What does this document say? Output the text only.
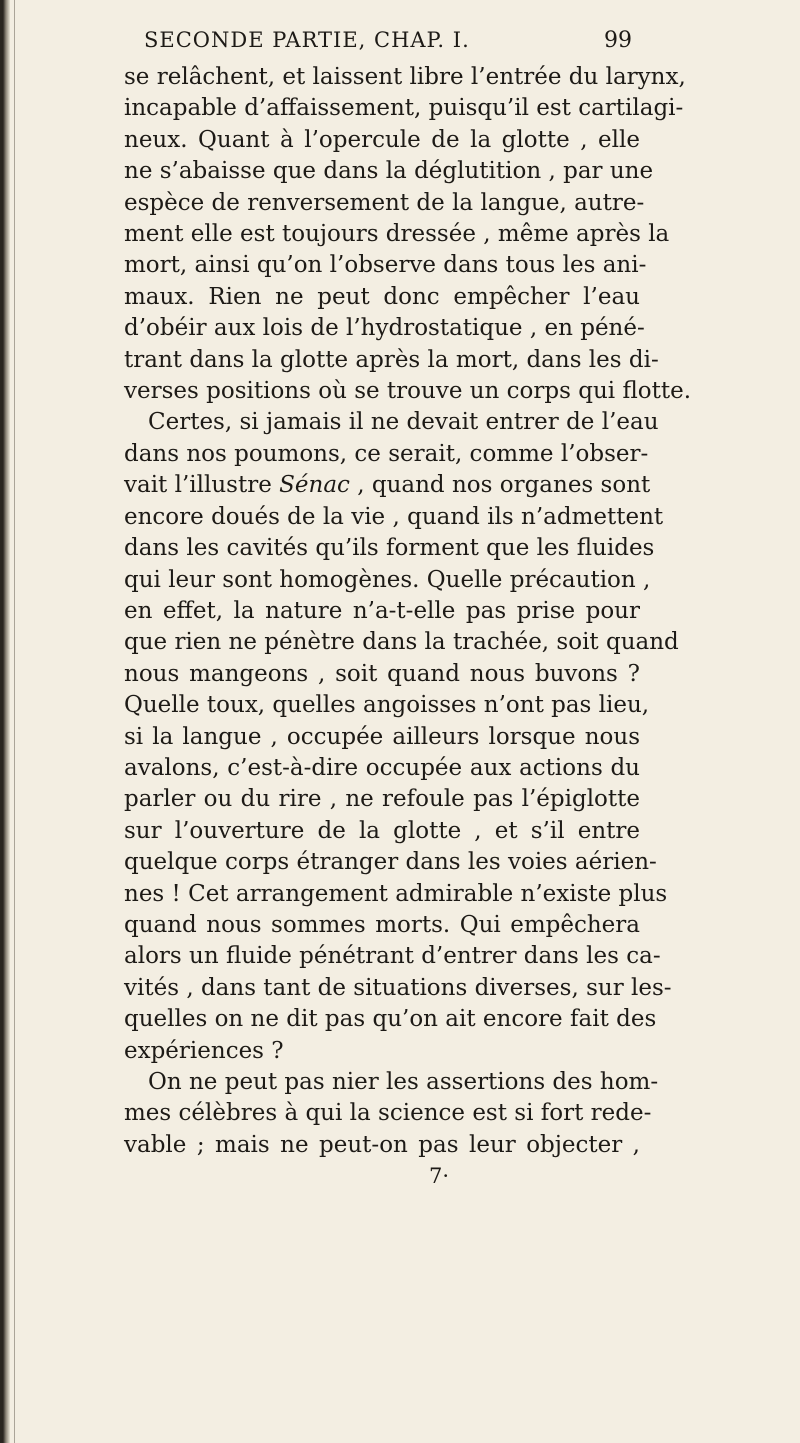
SECONDE PARTIE, CHAP. I.	99

se relâchent, et laissent libre l’entrée du larynx,
incapable d’affaissement, puisqu’il est cartilagi-
neux. Quant à l’opercule de la glotte , elle
ne s’abaisse que dans la déglutition , par une
espèce de renversement de la langue, autre-
ment elle est toujours dressée , même après la
mort, ainsi qu’on l’observe dans tous les ani-
maux. Rien ne peut donc empêcher l’eau
d’obéir aux lois de l’hydrostatique , en péné-
trant dans la glotte après la mort, dans les di-
verses positions où se trouve un corps qui flotte.

Certes, si jamais il ne devait entrer de l’eau
dans nos poumons, ce serait, comme l’obser-
vait l’illustre Sénac , quand nos organes sont
encore doués de la vie , quand ils n’admettent
dans les cavités qu’ils forment que les fluides
qui leur sont homogènes. Quelle précaution ,
en effet, la nature n’a-t-elle pas prise pour
que rien ne pénètre dans la trachée, soit quand
nous mangeons , soit quand nous buvons ?
Quelle toux, quelles angoisses n’ont pas lieu,
si la langue , occupée ailleurs lorsque nous
avalons, c’est-à-dire occupée aux actions du
parler ou du rire , ne refoule pas l’épiglotte
sur l’ouverture de la glotte , et s’il entre
quelque corps étranger dans les voies aérien-
nes ! Cet arrangement admirable n’existe plus
quand nous sommes morts. Qui empêchera
alors un fluide pénétrant d’entrer dans les ca-
vités , dans tant de situations diverses, sur les-
quelles on ne dit pas qu’on ait encore fait des
expériences ?

On ne peut pas nier les assertions des hom-
mes célèbres à qui la science est si fort rede-
vable ; mais ne peut-on pas leur objecter ,

7·
